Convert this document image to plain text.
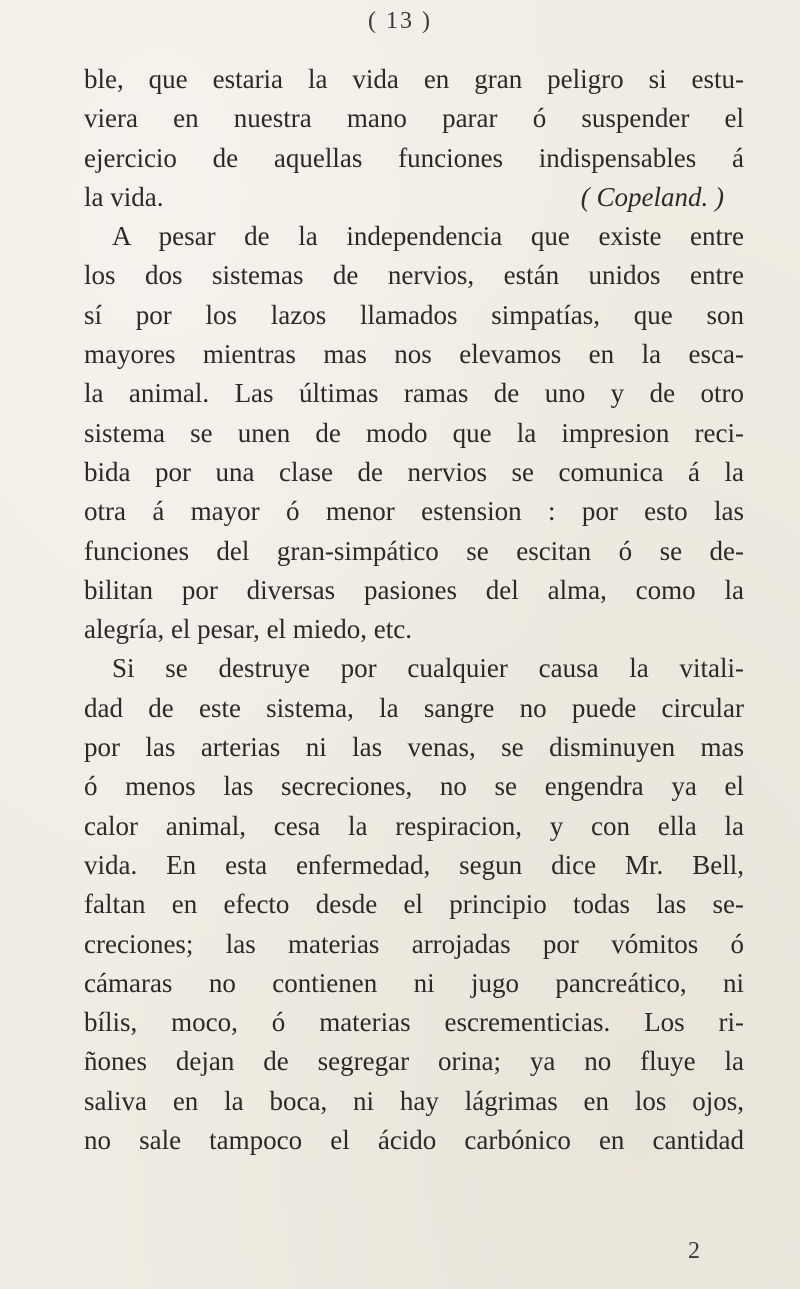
( 13 )
ble, que estaria la vida en gran peligro si estu-
viera en nuestra mano parar ó suspender el
ejercicio de aquellas funciones indispensables á
la vida.	( Copeland. )
A pesar de la independencia que existe entre
los dos sistemas de nervios, están unidos entre
sí por los lazos llamados simpatías, que son
mayores mientras mas nos elevamos en la esca-
la animal. Las últimas ramas de uno y de otro
sistema se unen de modo que la impresion reci-
bida por una clase de nervios se comunica á la
otra á mayor ó menor estension : por esto las
funciones del gran-simpático se escitan ó se de-
bilitan por diversas pasiones del alma, como la
alegría, el pesar, el miedo, etc.
Si se destruye por cualquier causa la vitali-
dad de este sistema, la sangre no puede circular
por las arterias ni las venas, se disminuyen mas
ó menos las secreciones, no se engendra ya el
calor animal, cesa la respiracion, y con ella la
vida. En esta enfermedad, segun dice Mr. Bell,
faltan en efecto desde el principio todas las se-
creciones; las materias arrojadas por vómitos ó
cámaras no contienen ni jugo pancreático, ni
bílis, moco, ó materias escrementicias. Los ri-
ñones dejan de segregar orina; ya no fluye la
saliva en la boca, ni hay lágrimas en los ojos,
no sale tampoco el ácido carbónico en cantidad
2
